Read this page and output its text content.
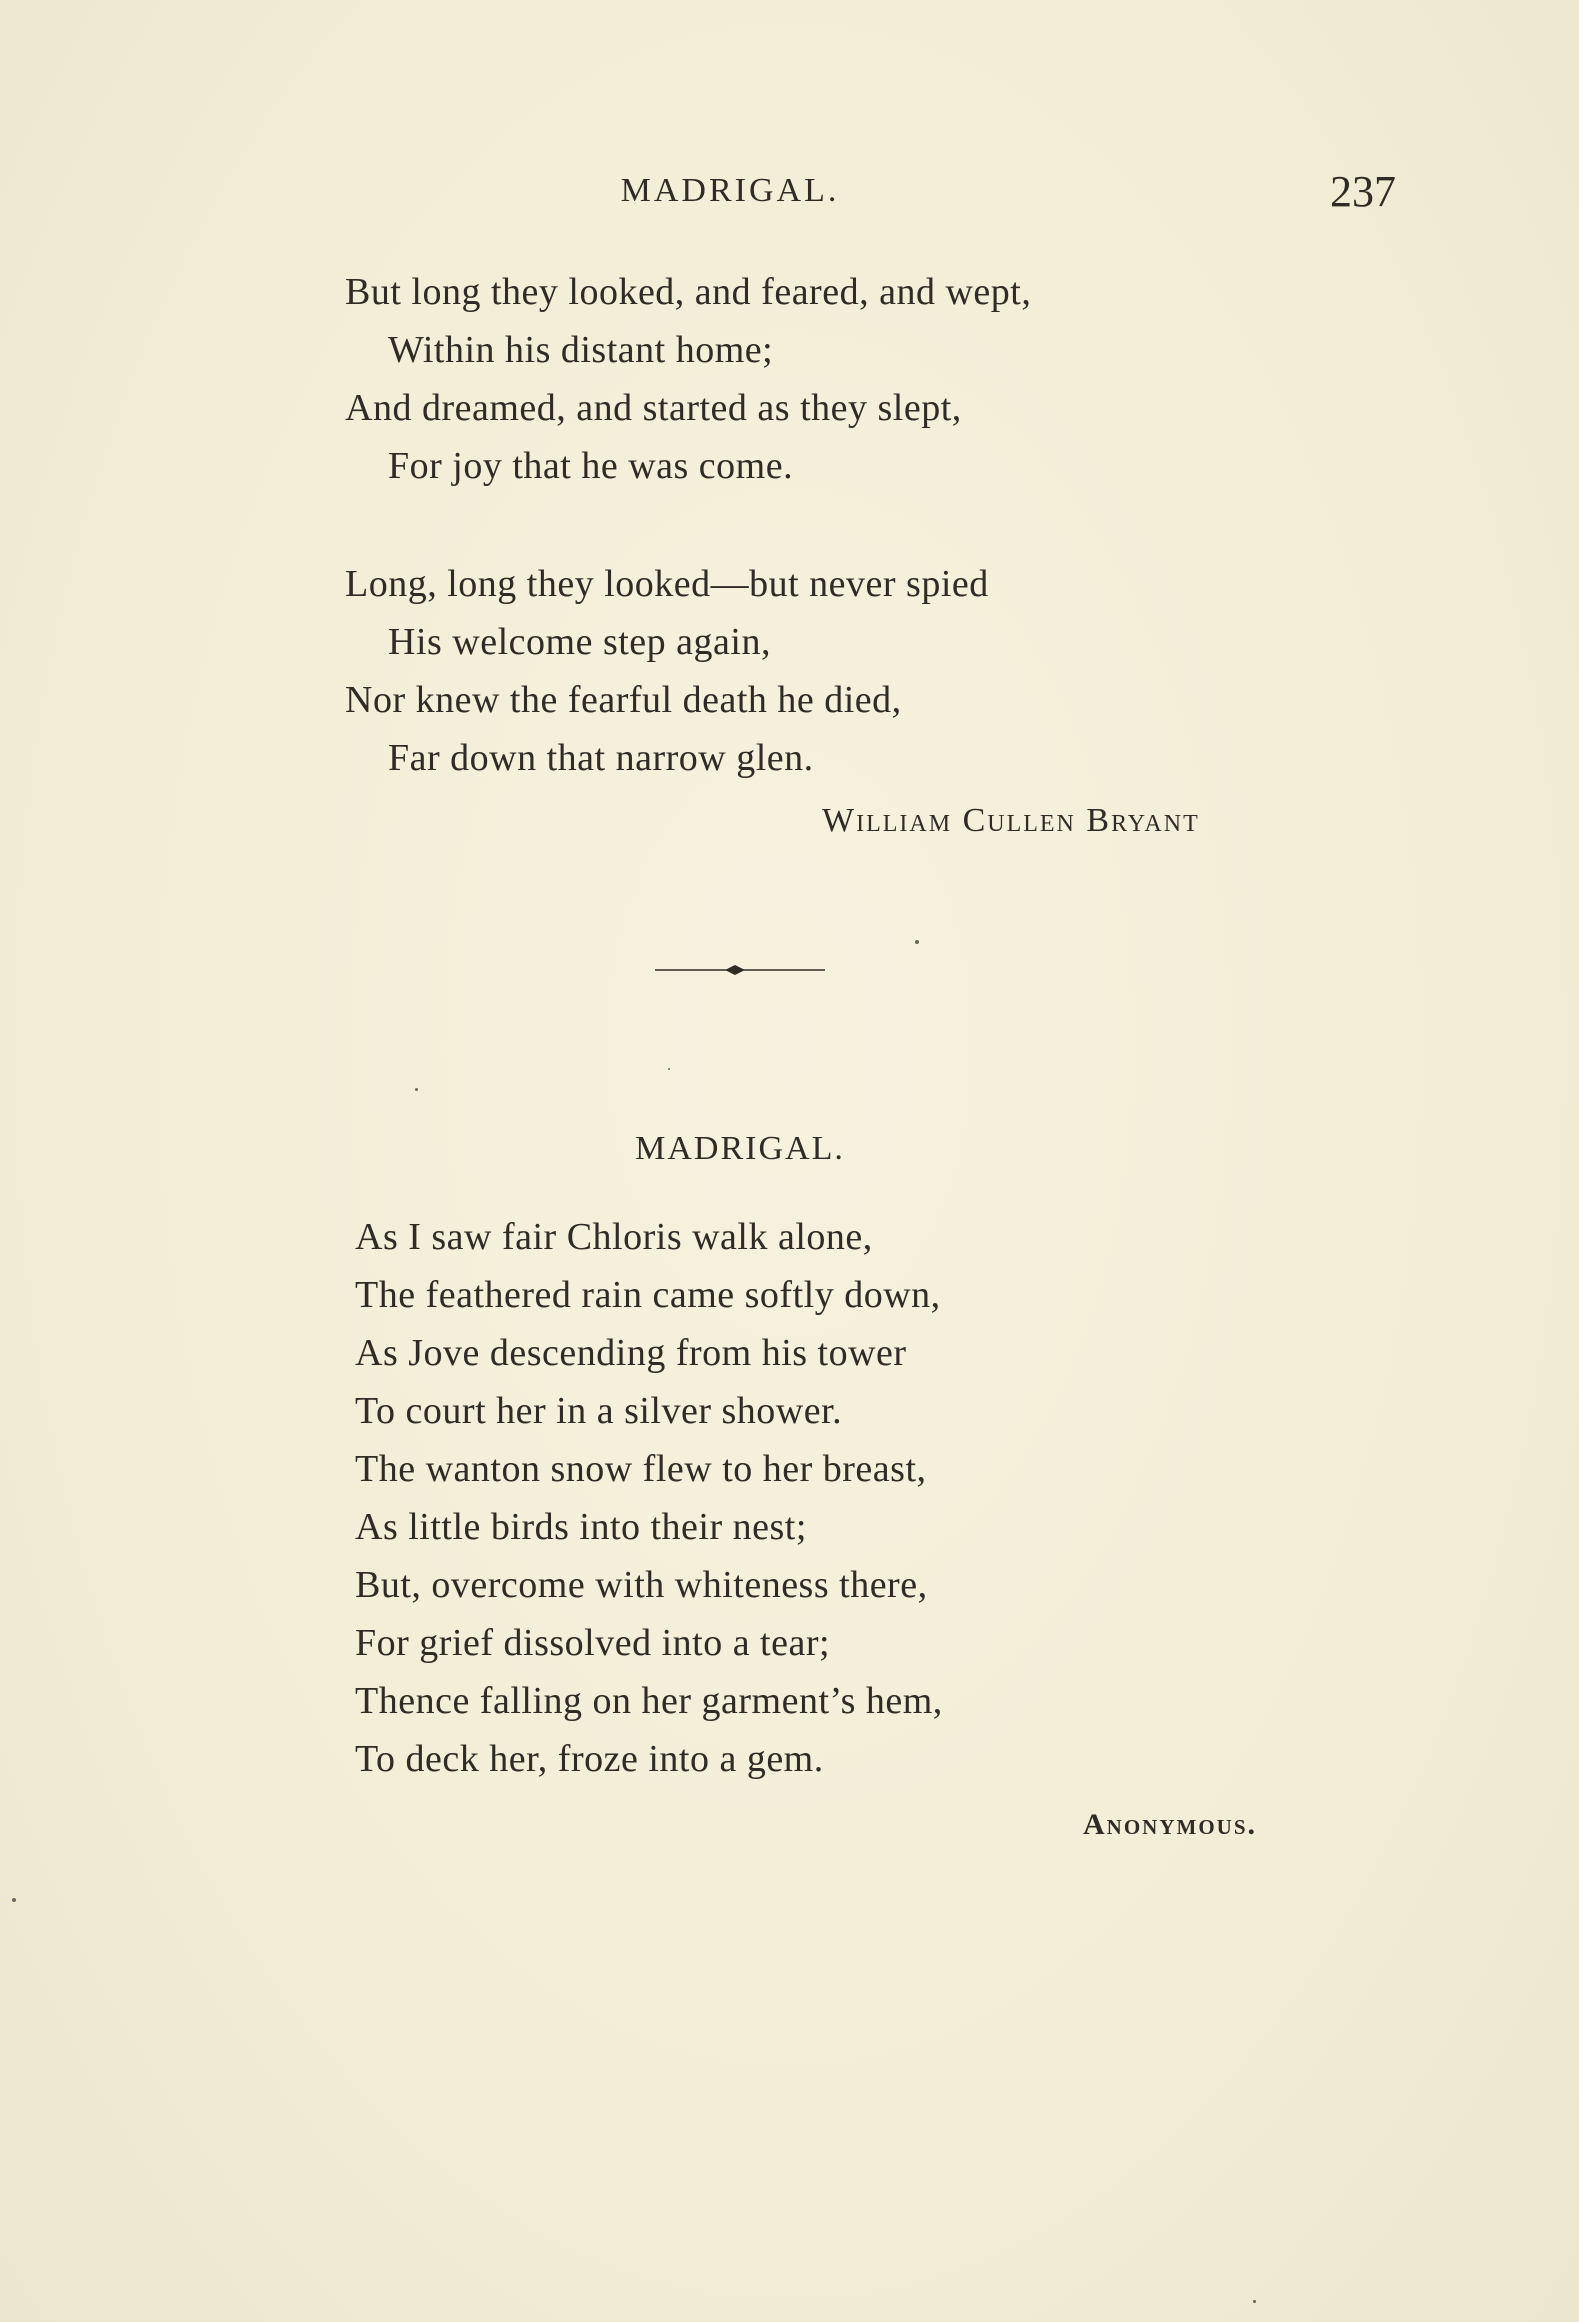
MADRIGAL.	237
But long they looked, and feared, and wept,
Within his distant home;
And dreamed, and started as they slept,
For joy that he was come.
Long, long they looked—but never spied
His welcome step again,
Nor knew the fearful death he died,
Far down that narrow glen.
William Cullen Bryant
MADRIGAL.
As I saw fair Chloris walk alone,
The feathered rain came softly down,
As Jove descending from his tower
To court her in a silver shower.
The wanton snow flew to her breast,
As little birds into their nest;
But, overcome with whiteness there,
For grief dissolved into a tear;
Thence falling on her garment’s hem,
To deck her, froze into a gem.
Anonymous.
